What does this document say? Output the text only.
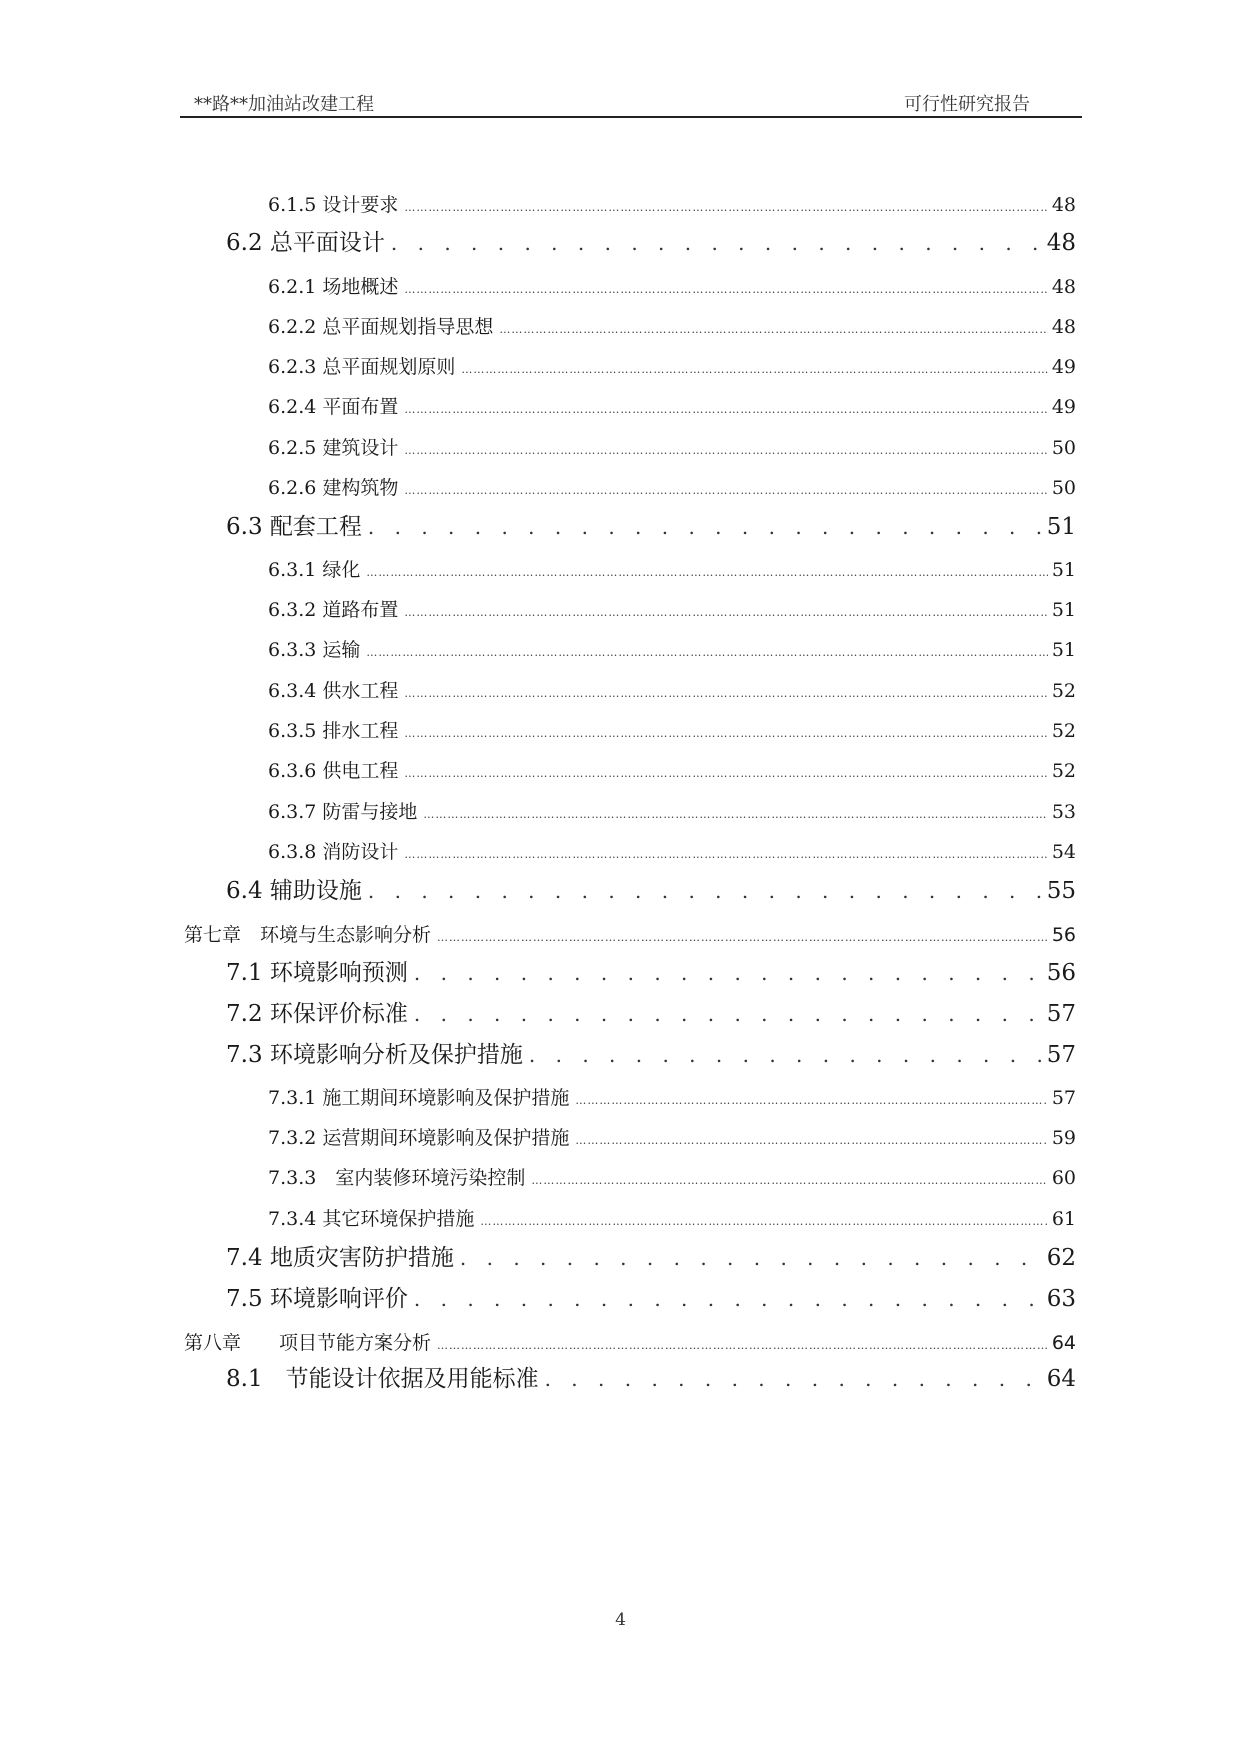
**路**加油站改建工程	可行性研究报告
6.1.5 设计要求 …………………………………………………………………………………………………………………………………………………………………………………………………………………………………………………………………………………………………	48
6.2 总平面设计 . . .	48
6.2.1 场地概述 …………………………………………………………………………………………………………………………………………………………………………………………………………………………………………………………………………………………………	48
6.2.2 总平面规划指导思想 …………………………………………………………………………………………………………………………………………………………………………………………………………………………………………………………………………………………………	48
6.2.3 总平面规划原则 …………………………………………………………………………………………………………………………………………………………………………………………………………………………………………………………………………………………………	49
6.2.4 平面布置 …………………………………………………………………………………………………………………………………………………………………………………………………………………………………………………………………………………………………	49
6.2.5 建筑设计 …………………………………………………………………………………………………………………………………………………………………………………………………………………………………………………………………………………………………	50
6.2.6 建构筑物 …………………………………………………………………………………………………………………………………………………………………………………………………………………………………………………………………………………………………	50
6.3 配套工程 . . .	51
6.3.1 绿化 …………………………………………………………………………………………………………………………………………………………………………………………………………………………………………………………………………………………………	51
6.3.2 道路布置 …………………………………………………………………………………………………………………………………………………………………………………………………………………………………………………………………………………………………	51
6.3.3 运输 …………………………………………………………………………………………………………………………………………………………………………………………………………………………………………………………………………………………………	51
6.3.4 供水工程 …………………………………………………………………………………………………………………………………………………………………………………………………………………………………………………………………………………………………	52
6.3.5 排水工程 …………………………………………………………………………………………………………………………………………………………………………………………………………………………………………………………………………………………………	52
6.3.6 供电工程 …………………………………………………………………………………………………………………………………………………………………………………………………………………………………………………………………………………………………	52
6.3.7 防雷与接地 …………………………………………………………………………………………………………………………………………………………………………………………………………………………………………………………………………………………………	53
6.3.8 消防设计 …………………………………………………………………………………………………………………………………………………………………………………………………………………………………………………………………………………………………	54
6.4 辅助设施 . . .	55
第七章　环境与生态影响分析 …………………………………………………………………………………………………………………………………………………………………………………………………………………………………………………………………………………………………	56
7.1 环境影响预测 . . .	56
7.2 环保评价标准 . . .	57
7.3 环境影响分析及保护措施 . . .	57
7.3.1 施工期间环境影响及保护措施 …………………………………………………………………………………………………………………………………………………………………………………………………………………………………………………………………………………………………	57
7.3.2 运营期间环境影响及保护措施 …………………………………………………………………………………………………………………………………………………………………………………………………………………………………………………………………………………………………	59
7.3.3　室内装修环境污染控制 …………………………………………………………………………………………………………………………………………………………………………………………………………………………………………………………………………………………………	60
7.3.4 其它环境保护措施 …………………………………………………………………………………………………………………………………………………………………………………………………………………………………………………………………………………………………	61
7.4 地质灾害防护措施 . . .	62
7.5 环境影响评价 . . .	63
第八章　　项目节能方案分析 …………………………………………………………………………………………………………………………………………………………………………………………………………………………………………………………………………………………………	64
8.1　节能设计依据及用能标准 . . .	64
4
